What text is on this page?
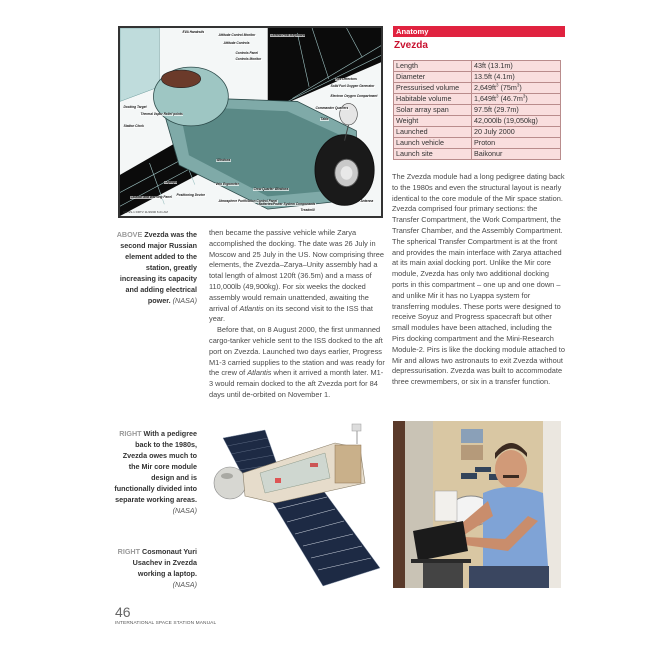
EVA Handrails
Attitude Control Monitor
Attitude Controls
Controls Panel
Controls Monitor
Central Post Keyboard
Fire Detectors
Solid Fuel Oxygen Generator
Electron Oxygen Compartment
Commander Quarters
Table
Docking Target
Thermal Vapor Relief points
Station Clock
Windows
Laptops
Caution and Warning Panel Positioning Device
Velo Ergometer
Crew Quarter Windows
Atmosphere Purification Control Panel
Batteries/Power System Components
Treadmill
Antenna
DB-SS-1 DRTV 11/29/00 6:21 AM
ABOVE Zvezda was the second major Russian element added to the station, greatly increasing its capacity and adding electrical power. (NASA)
RIGHT With a pedigree back to the 1980s, Zvezda owes much to the Mir core module design and is functionally divided into separate working areas. (NASA)
RIGHT Cosmonaut Yuri Usachev in Zvezda working a laptop. (NASA)

then became the passive vehicle while Zarya accomplished the docking. The date was 26 July in Moscow and 25 July in the US. Now comprising three elements, the Zvezda–Zarya–Unity assembly had a total length of almost 120ft (36.5m) and a mass of 110,000lb (49,900kg). For six weeks the docked assembly would remain unattended, awaiting the arrival of Atlantis on its second visit to the ISS that year.

Before that, on 8 August 2000, the first unmanned cargo-tanker vehicle sent to the ISS docked to the aft port on Zvezda. Launched two days earlier, Progress M1-3 carried supplies to the station and was ready for the crew of Atlantis when it arrived a month later. M1-3 would remain docked to the aft Zvezda port for 84 days until de-orbited on November 1.

Anatomy
Zvezda
Length	43ft (13.1m)
Diameter	13.5ft (4.1m)
Pressurised volume	$2,649ft^3$ $(75m^3)$
Habitable volume	$1,649ft^3$ $(46.7m^3)$
Solar array span	97.5ft (29.7m)
Weight	42,000lb (19,050kg)
Launched	20 July 2000
Launch vehicle	Proton
Launch site	Baikonur
The Zvezda module had a long pedigree dating back to the 1980s and even the structural layout is nearly identical to the core module of the Mir space station. Zvezda comprised four primary sections: the Transfer Compartment, the Work Compartment, the Transfer Chamber, and the Assembly Compartment. The spherical Transfer Compartment is at the front and provides the main interface with Zarya attached at its main axial docking port. Unlike the Mir core module, Zvezda has only two additional docking ports in this compartment – one up and one down – and unlike Mir it has no Lyappa system for transferring modules. These ports were designed to receive Soyuz and Progress spacecraft but other small modules have been attached, including the Pirs docking compartment and the Mini-Research Module-2. Pirs is like the docking module attached to Mir and allows two astronauts to exit Zvezda without depressurisation. Zvezda was built to accommodate three crewmembers, or six in a transfer function.
46
INTERNATIONAL SPACE STATION MANUAL
